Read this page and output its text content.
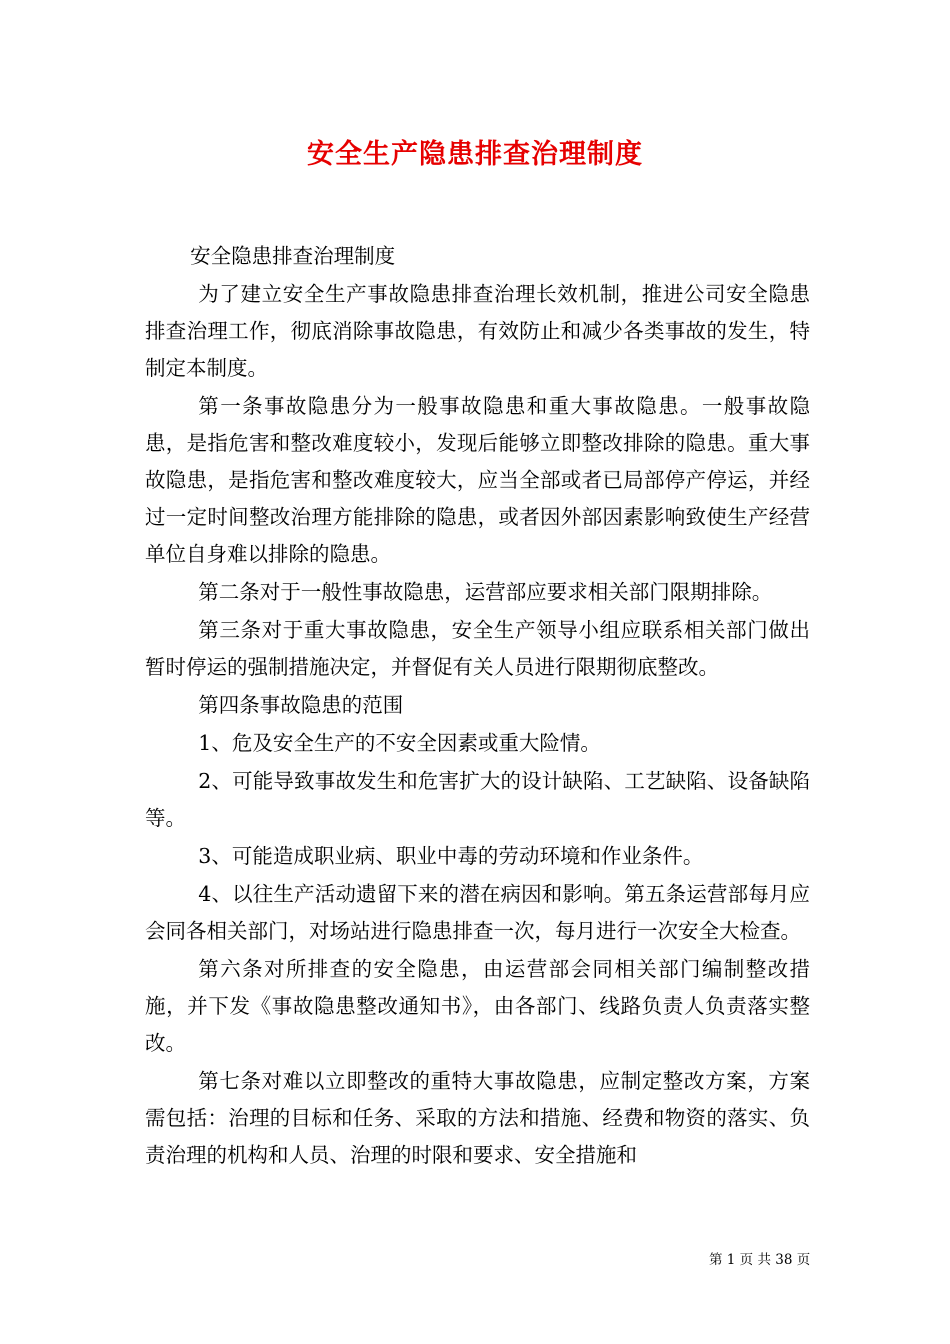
安全生产隐患排查治理制度

安全隐患排查治理制度

为了建立安全生产事故隐患排查治理长效机制，推进公司安全隐患排查治理工作，彻底消除事故隐患，有效防止和减少各类事故的发生，特制定本制度。

第一条事故隐患分为一般事故隐患和重大事故隐患。一般事故隐患，是指危害和整改难度较小，发现后能够立即整改排除的隐患。重大事故隐患，是指危害和整改难度较大，应当全部或者已局部停产停运，并经过一定时间整改治理方能排除的隐患，或者因外部因素影响致使生产经营单位自身难以排除的隐患。

第二条对于一般性事故隐患，运营部应要求相关部门限期排除。

第三条对于重大事故隐患，安全生产领导小组应联系相关部门做出暂时停运的强制措施决定，并督促有关人员进行限期彻底整改。

第四条事故隐患的范围

1、危及安全生产的不安全因素或重大险情。

2、可能导致事故发生和危害扩大的设计缺陷、工艺缺陷、设备缺陷等。

3、可能造成职业病、职业中毒的劳动环境和作业条件。

4、以往生产活动遗留下来的潜在病因和影响。第五条运营部每月应会同各相关部门，对场站进行隐患排查一次，每月进行一次安全大检查。

第六条对所排查的安全隐患，由运营部会同相关部门编制整改措施，并下发《事故隐患整改通知书》，由各部门、线路负责人负责落实整改。

第七条对难以立即整改的重特大事故隐患，应制定整改方案，方案需包括：治理的目标和任务、采取的方法和措施、经费和物资的落实、负责治理的机构和人员、治理的时限和要求、安全措施和

第 1 页 共 38 页
